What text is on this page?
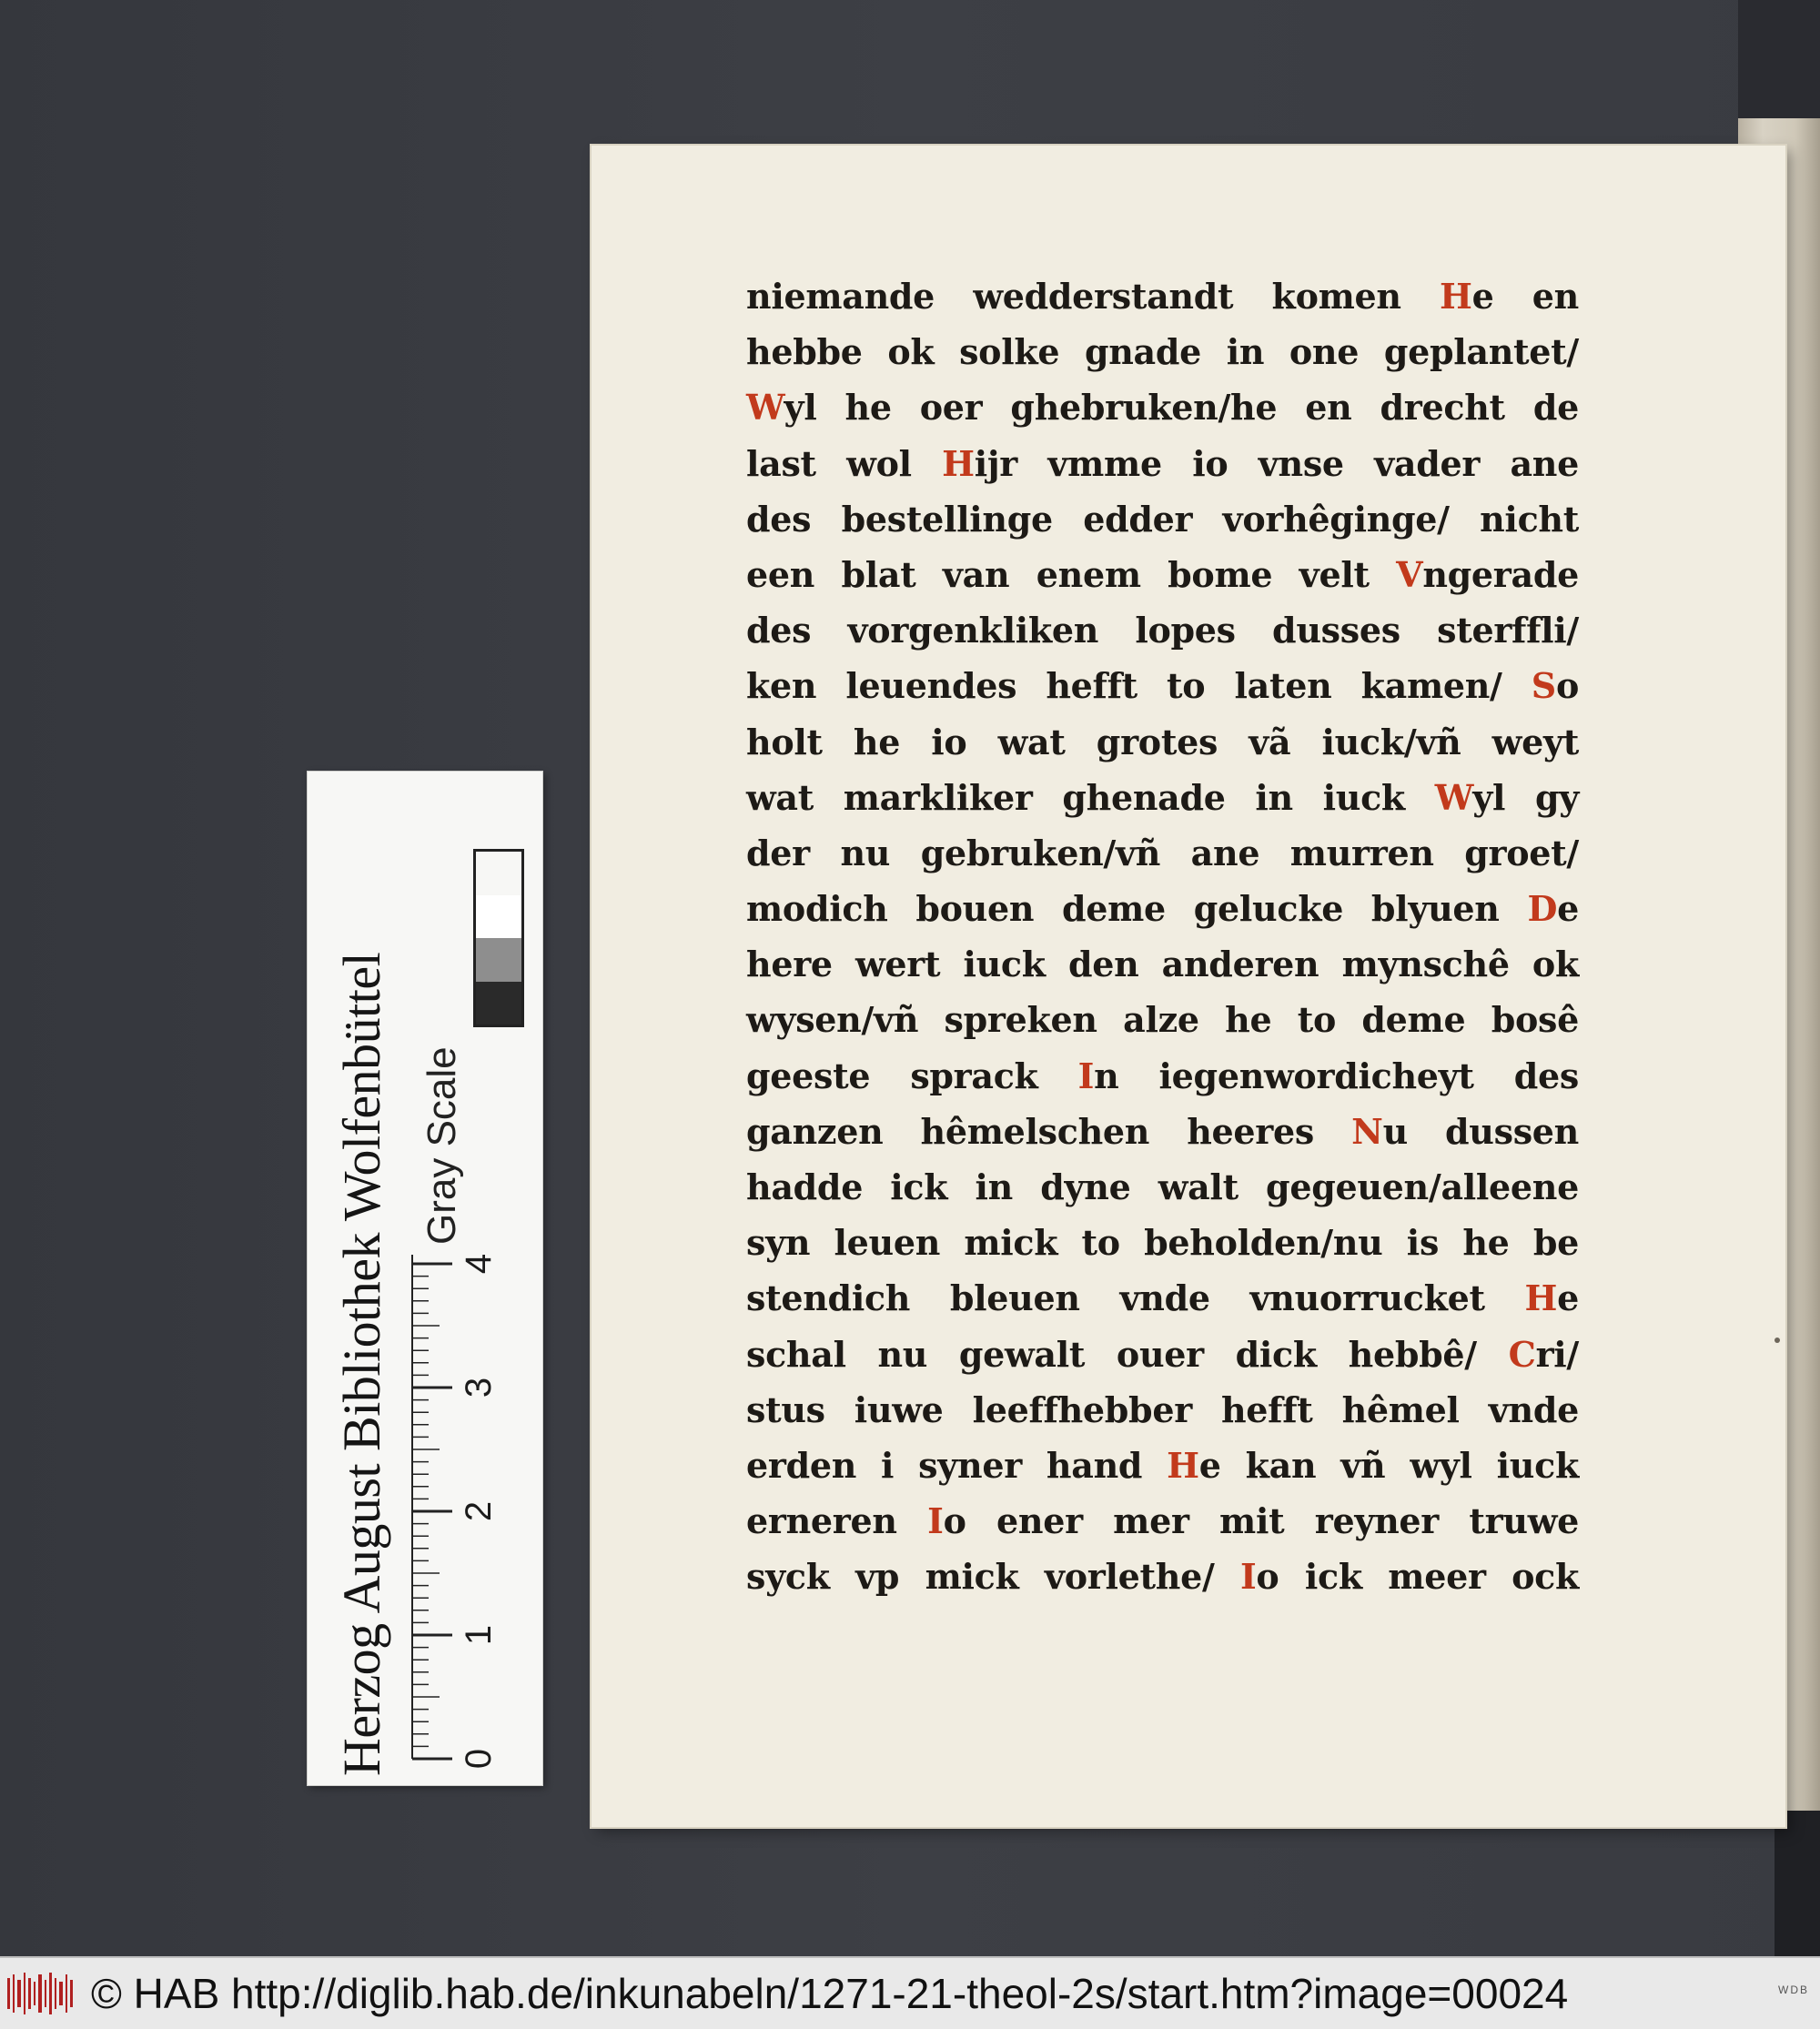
niemande wedderstandt komen He en
hebbe ok solke gnade in one geplantet/
Wyl he oer ghebruken/he en drecht de
last wol Hijr vmme io vnse vader ane
des bestellinge edder vorhêginge/ nicht
een blat van enem bome velt Vngerade
des vorgenkliken lopes dusses sterffli/
ken leuendes hefft to laten kamen/ So
holt he io wat grotes vã iuck/vñ weyt
wat markliker ghenade in iuck Wyl gy
der nu gebruken/vñ ane murren groet/
modich bouen deme gelucke blyuen De
here wert iuck den anderen mynschê ok
wysen/vñ spreken alze he to deme bosê
geeste sprack In iegenwordicheyt des
ganzen hêmelschen heeres Nu dussen
hadde ick in dyne walt gegeuen/alleene
syn leuen mick to beholden/nu is he be
stendich bleuen vnde vnuorrucket He
schal nu gewalt ouer dick hebbê/ Cri/
stus iuwe leeffhebber hefft hêmel vnde
erden i syner hand He kan vñ wyl iuck
erneren Io ener mer mit reyner truwe
syck vp mick vorlethe/ Io ick meer ock
Herzog August Bibliothek Wolfenbüttel Gray Scale
0
1
2
3
4
© HAB http://diglib.hab.de/inkunabeln/1271-21-theol-2s/start.htm?image=00024	WDB
